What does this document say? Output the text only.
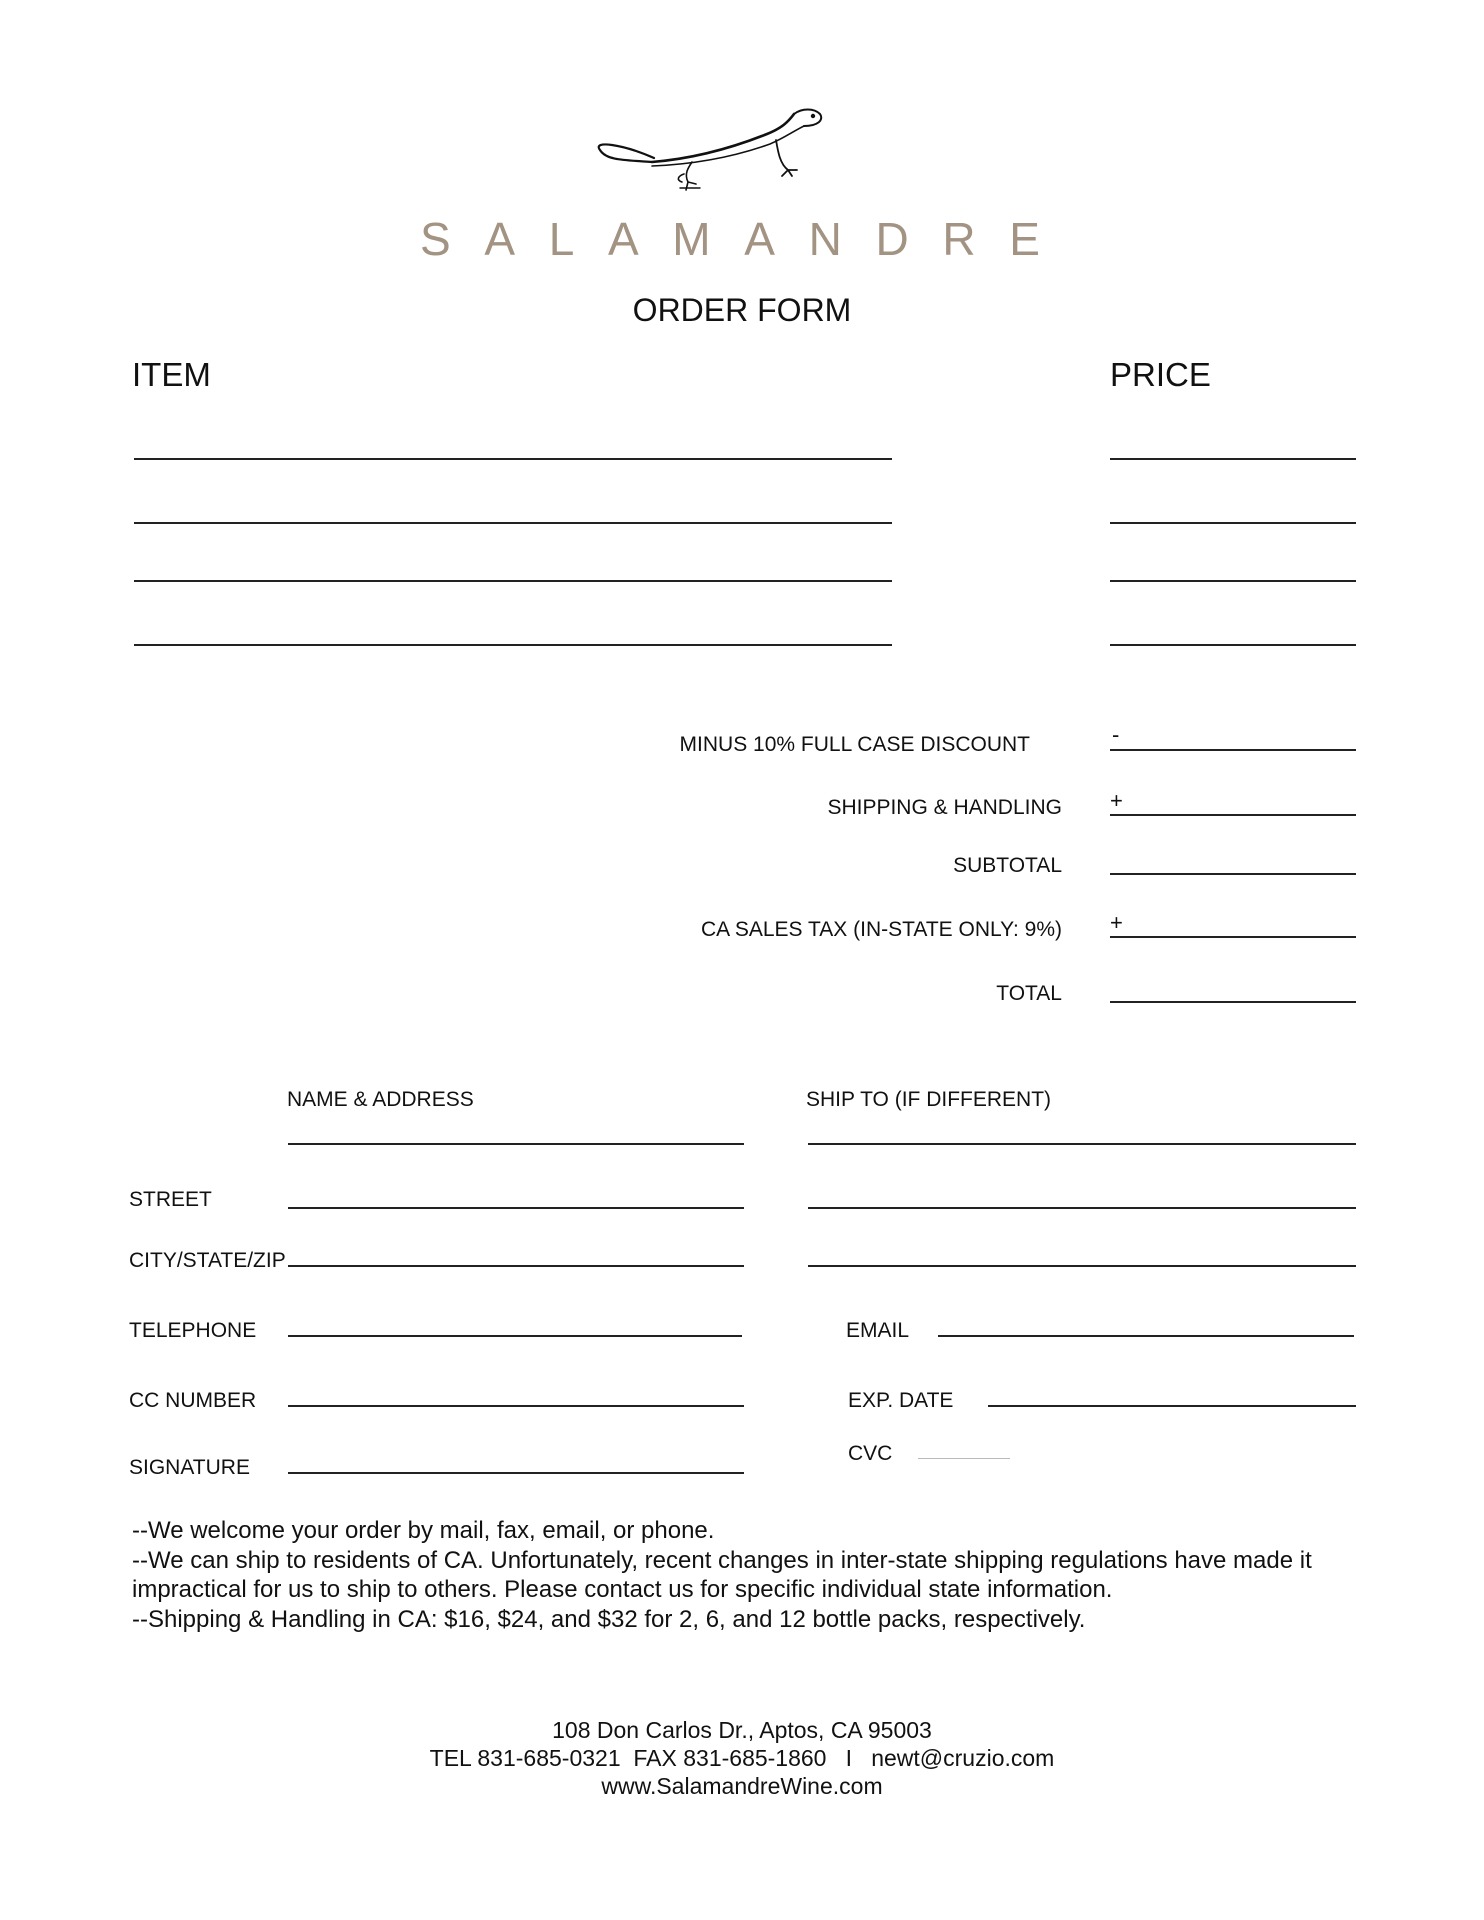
S A L A M A N D R E
ORDER FORM
ITEM	PRICE
MINUS 10% FULL CASE DISCOUNT	-
SHIPPING & HANDLING +
SUBTOTAL
CA SALES TAX (IN-STATE ONLY: 9%) +
TOTAL
NAME & ADDRESS	SHIP TO (IF DIFFERENT)
STREET
CITY/STATE/ZIP
TELEPHONE	EMAIL
CC NUMBER	EXP. DATE
CVC
SIGNATURE
--We welcome your order by mail, fax, email, or phone.
--We can ship to residents of CA. Unfortunately, recent changes in inter-state shipping regulations have made it impractical for us to ship to others. Please contact us for specific individual state information.
--Shipping & Handling in CA: $16, $24, and $32 for 2, 6, and 12 bottle packs, respectively.
108 Don Carlos Dr., Aptos, CA 95003
TEL 831-685-0321  FAX 831-685-1860   I   newt@cruzio.com
www.SalamandreWine.com
